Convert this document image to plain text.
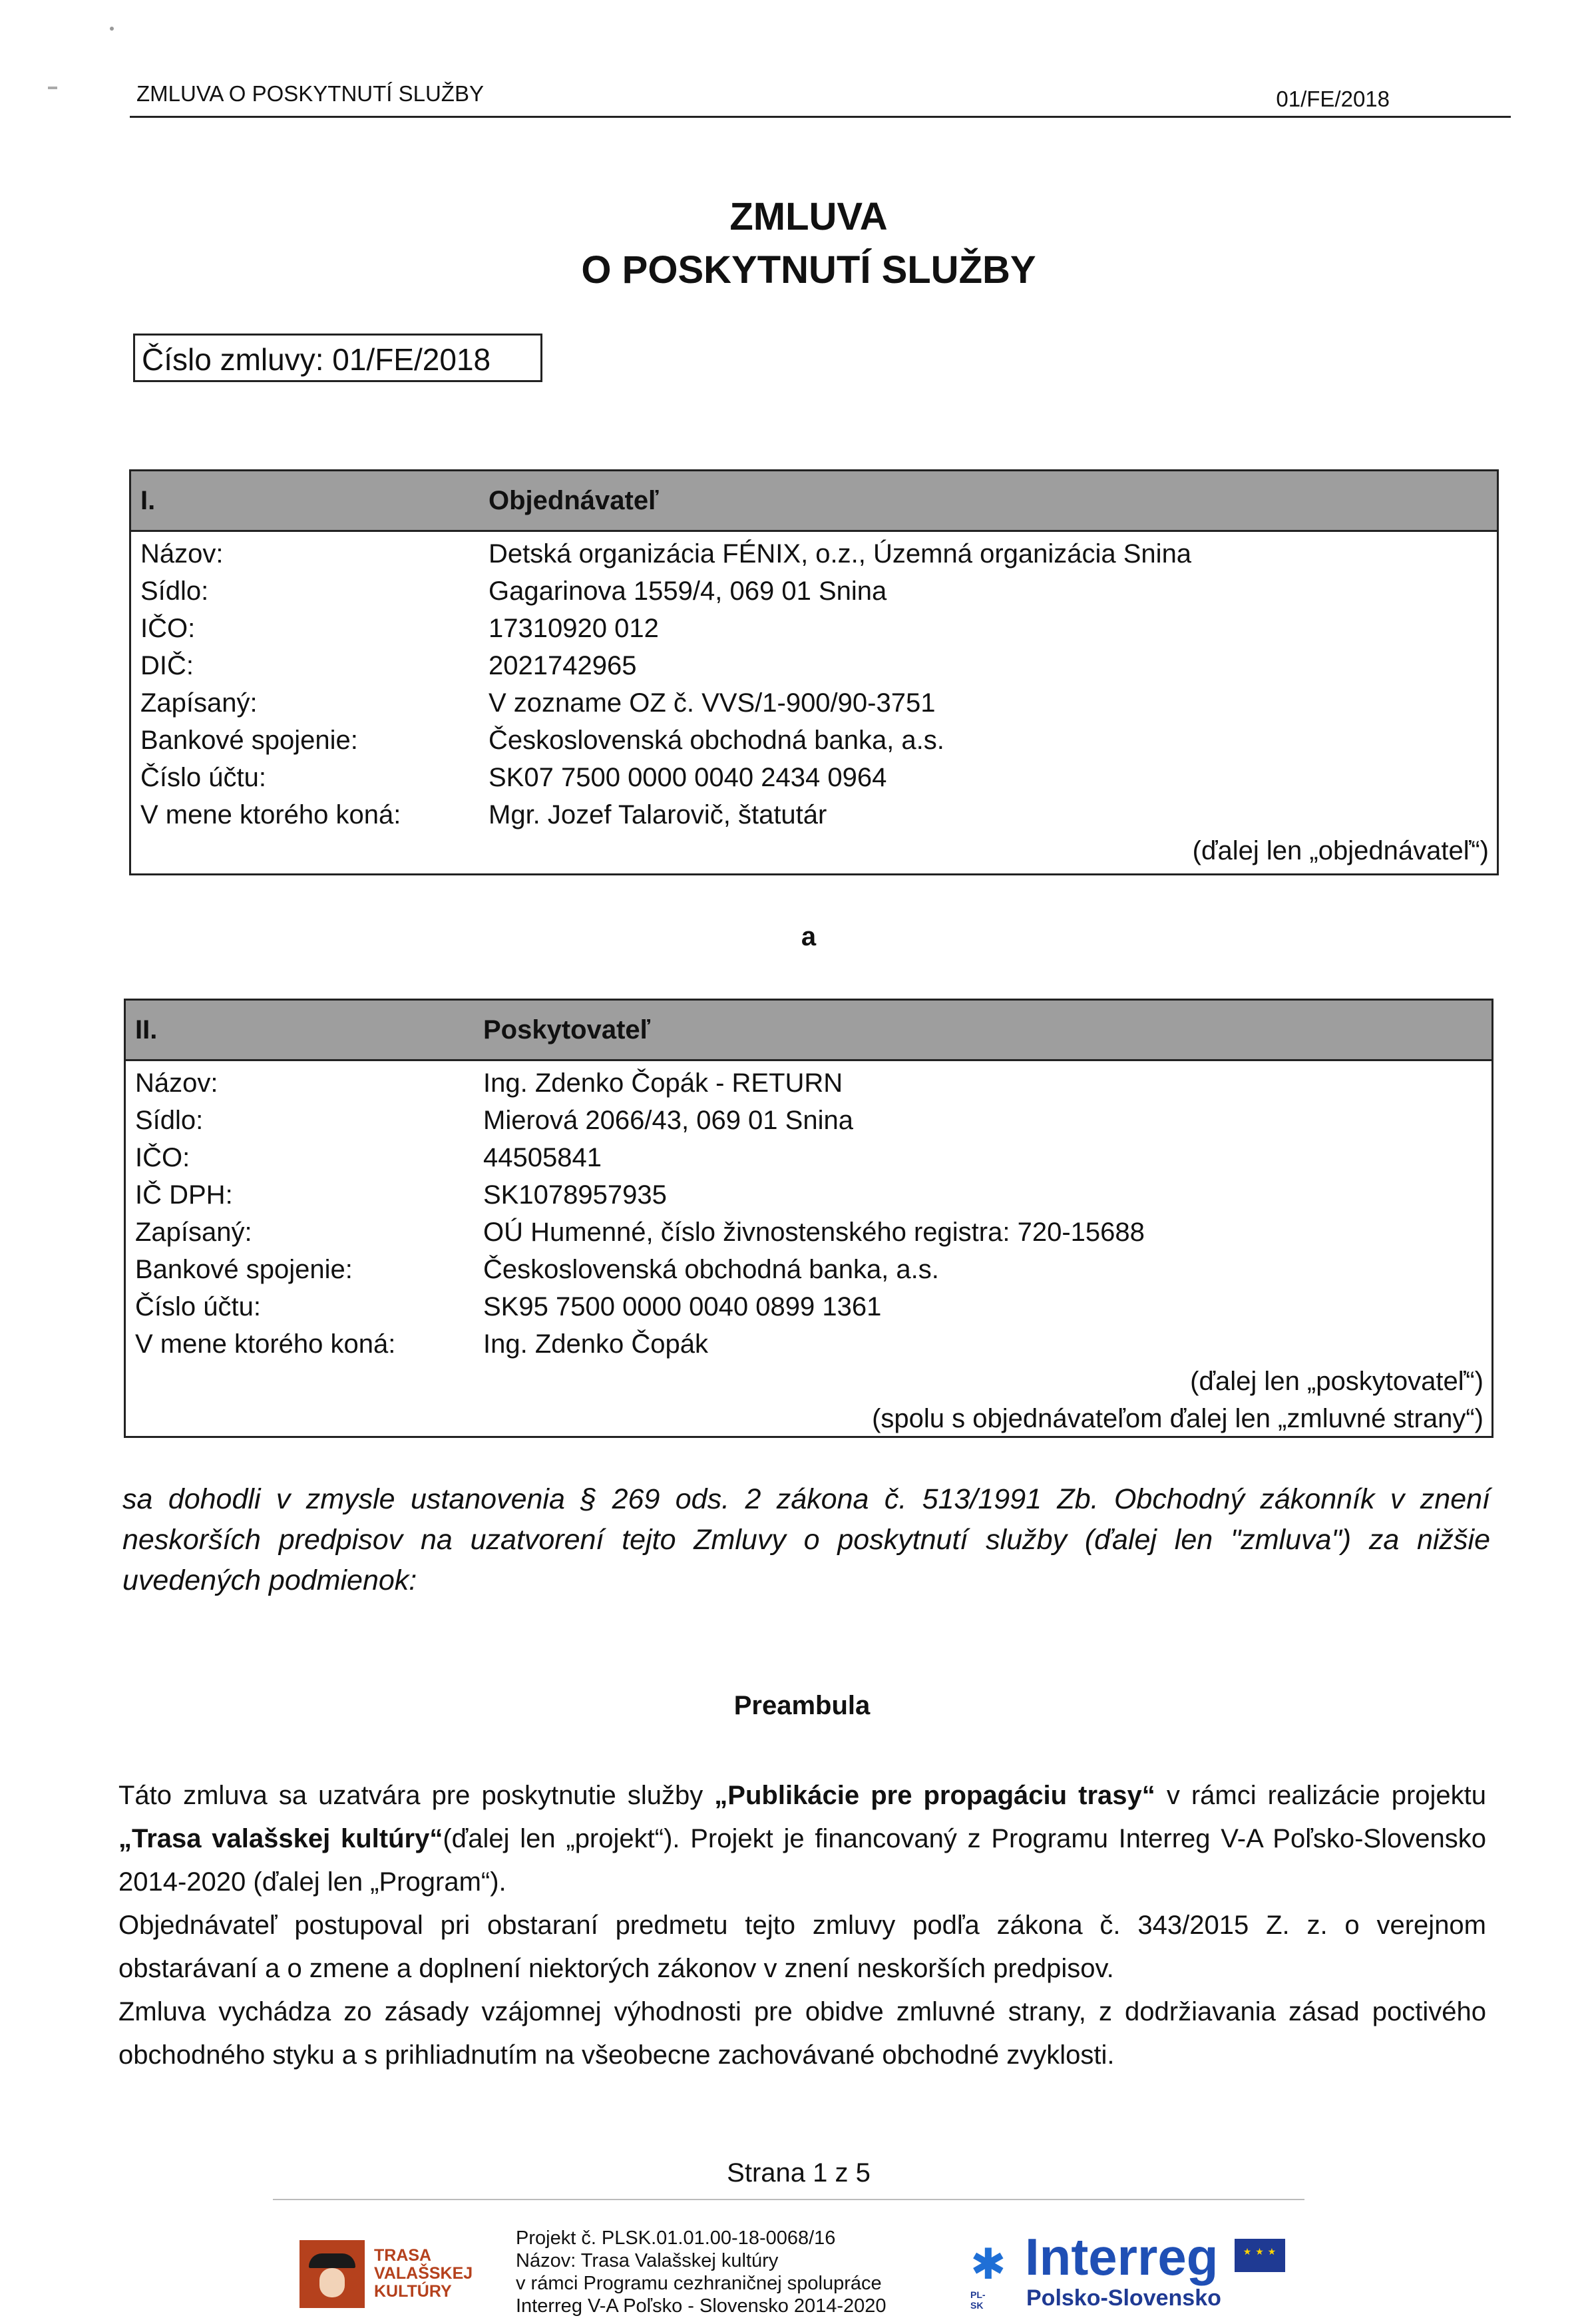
ZMLUVA O POSKYTNUTÍ SLUŽBY	01/FE/2018
ZMLUVA
O POSKYTNUTÍ SLUŽBY
Číslo zmluvy: 01/FE/2018
I.	Objednávateľ
Názov:	Detská organizácia FÉNIX, o.z., Územná organizácia Snina
Sídlo:	Gagarinova 1559/4, 069 01 Snina
IČO:	17310920 012
DIČ:	2021742965
Zapísaný:	V zozname OZ č. VVS/1-900/90-3751
Bankové spojenie:	Československá obchodná banka, a.s.
Číslo účtu:	SK07 7500 0000 0040 2434 0964
V mene ktorého koná:	Mgr. Jozef Talarovič, štatutár
(ďalej len „objednávateľ“)
a
II.	Poskytovateľ
Názov:	Ing. Zdenko Čopák - RETURN
Sídlo:	Mierová 2066/43, 069 01 Snina
IČO:	44505841
IČ DPH:	SK1078957935
Zapísaný:	OÚ Humenné, číslo živnostenského registra: 720-15688
Bankové spojenie:	Československá obchodná banka, a.s.
Číslo účtu:	SK95 7500 0000 0040 0899 1361
V mene ktorého koná:	Ing. Zdenko Čopák
(ďalej len „poskytovateľ“)
(spolu s objednávateľom ďalej len „zmluvné strany“)
sa dohodli v zmysle ustanovenia § 269 ods. 2 zákona č. 513/1991 Zb. Obchodný zákonník v znení neskorších predpisov na uzatvorení tejto Zmluvy o poskytnutí služby (ďalej len "zmluva") za nižšie uvedených podmienok:
Preambula

Táto zmluva sa uzatvára pre poskytnutie služby „Publikácie pre propagáciu trasy“ v rámci realizácie projektu „Trasa valašskej kultúry“(ďalej len „projekt“). Projekt je financovaný z Programu Interreg V-A Poľsko-Slovensko 2014-2020 (ďalej len „Program“).

Objednávateľ postupoval pri obstaraní predmetu tejto zmluvy podľa zákona č. 343/2015 Z. z. o verejnom obstarávaní a o zmene a doplnení niektorých zákonov v znení neskorších predpisov.

Zmluva vychádza zo zásady vzájomnej výhodnosti pre obidve zmluvné strany, z dodržiavania zásad poctivého obchodného styku a s prihliadnutím na všeobecne zachovávané obchodné zvyklosti.

Strana 1 z 5
TRASA
VALAŠSKEJ
KULTÚRY
Projekt č. PLSK.01.01.00-18-0068/16
Názov: Trasa Valašskej kultúry
v rámci Programu cezhraničnej spolupráce
Interreg V-A Poľsko - Slovensko 2014-2020
✱
PL-SK
Interreg
Polsko-Slovensko
★ ★ ★
